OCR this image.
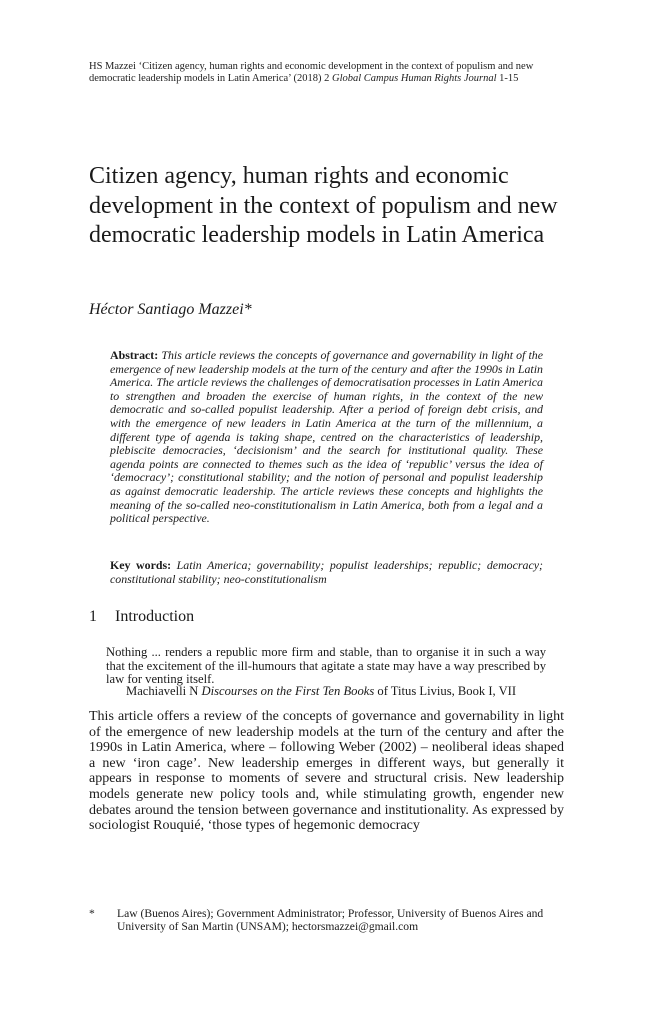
HS Mazzei ‘Citizen agency, human rights and economic development in the context of populism and new democratic leadership models in Latin America’ (2018) 2 Global Campus Human Rights Journal 1-15
Citizen agency, human rights and economic development in the context of populism and new democratic leadership models in Latin America
Héctor Santiago Mazzei*
Abstract: This article reviews the concepts of governance and governability in light of the emergence of new leadership models at the turn of the century and after the 1990s in Latin America. The article reviews the challenges of democratisation processes in Latin America to strengthen and broaden the exercise of human rights, in the context of the new democratic and so-called populist leadership. After a period of foreign debt crisis, and with the emergence of new leaders in Latin America at the turn of the millennium, a different type of agenda is taking shape, centred on the characteristics of leadership, plebiscite democracies, ‘decisionism’ and the search for institutional quality. These agenda points are connected to themes such as the idea of ‘republic’ versus the idea of ‘democracy’; constitutional stability; and the notion of personal and populist leadership as against democratic leadership. The article reviews these concepts and highlights the meaning of the so-called neo-constitutionalism in Latin America, both from a legal and a political perspective.
Key words: Latin America; governability; populist leaderships; republic; democracy; constitutional stability; neo-constitutionalism
1 Introduction
Nothing ... renders a republic more firm and stable, than to organise it in such a way that the excitement of the ill-humours that agitate a state may have a way prescribed by law for venting itself.
Machiavelli N Discourses on the First Ten Books of Titus Livius, Book I, VII
This article offers a review of the concepts of governance and governability in light of the emergence of new leadership models at the turn of the century and after the 1990s in Latin America, where – following Weber (2002) – neoliberal ideas shaped a new ‘iron cage’. New leadership emerges in different ways, but generally it appears in response to moments of severe and structural crisis. New leadership models generate new policy tools and, while stimulating growth, engender new debates around the tension between governance and institutionality. As expressed by sociologist Rouquié, ‘those types of hegemonic democracy
* Law (Buenos Aires); Government Administrator; Professor, University of Buenos Aires and University of San Martin (UNSAM); hectorsmazzei@gmail.com
